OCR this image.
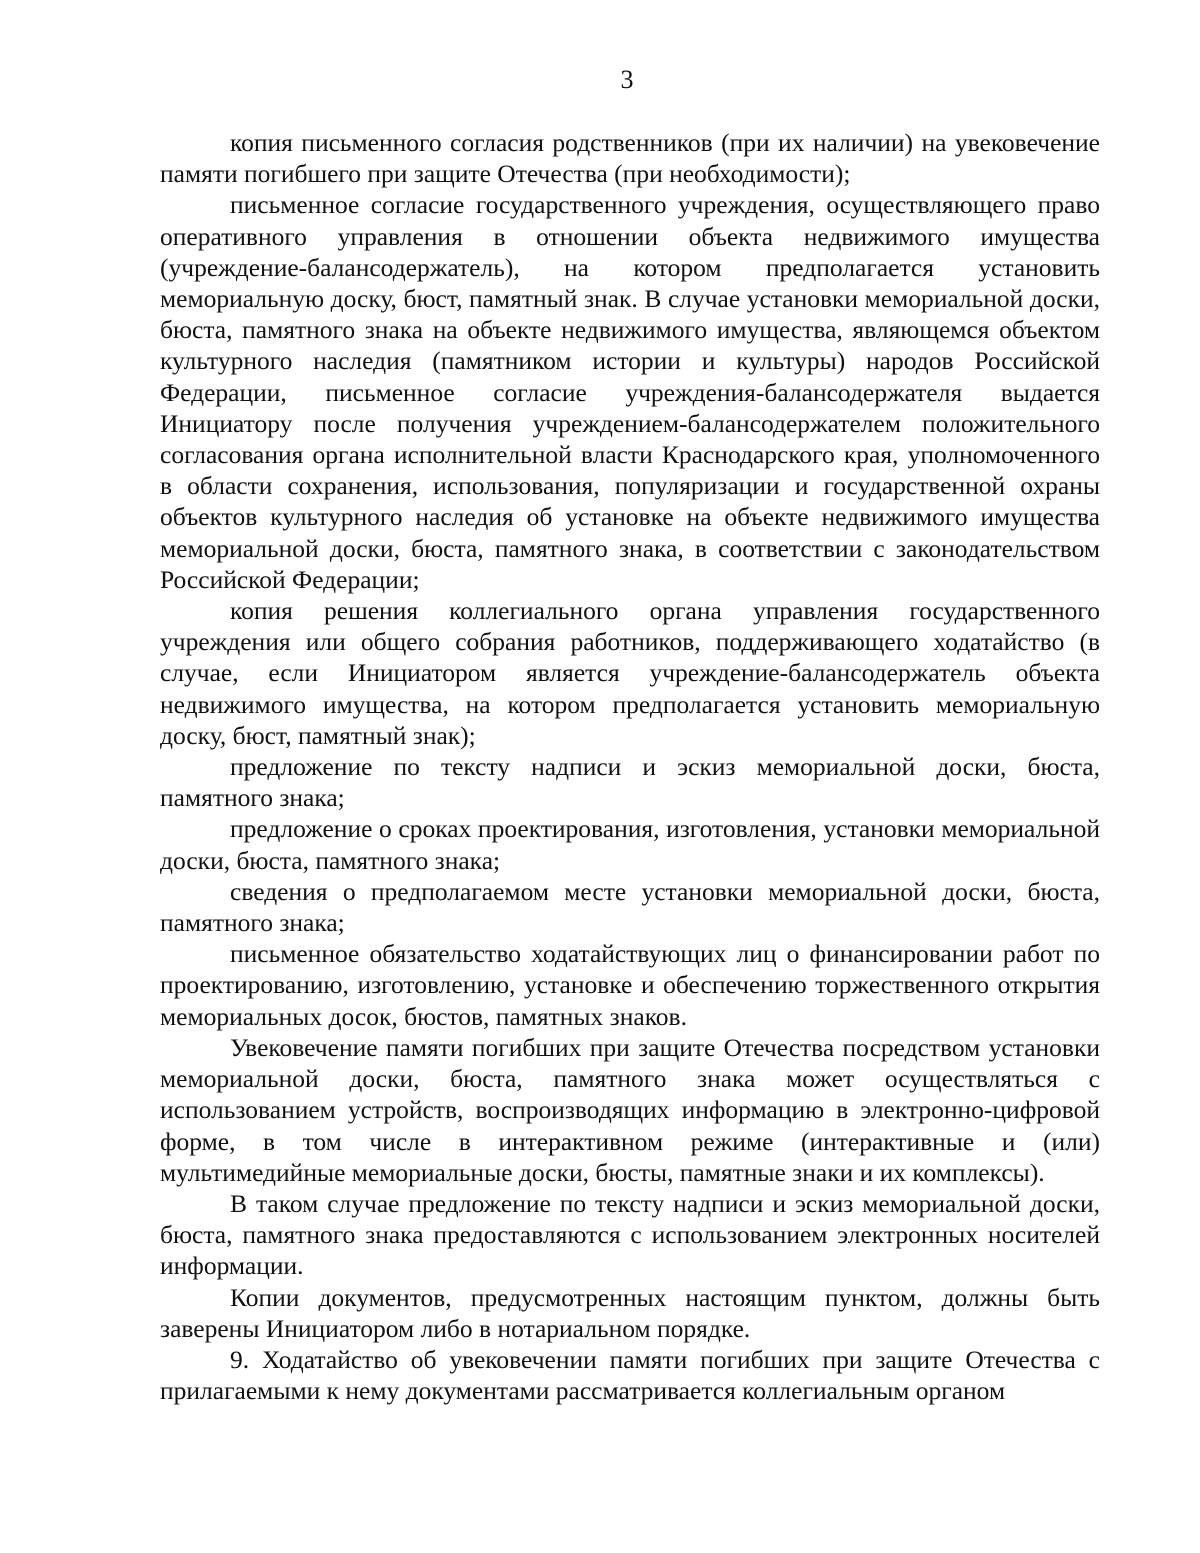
3

копия письменного согласия родственников (при их наличии) на увековечение памяти погибшего при защите Отечества (при необходимости);

письменное согласие государственного учреждения, осуществляющего право оперативного управления в отношении объекта недвижимого имущества (учреждение-балансодержатель), на котором предполагается установить мемориальную доску, бюст, памятный знак. В случае установки мемориальной доски, бюста, памятного знака на объекте недвижимого имущества, являющемся объектом культурного наследия (памятником истории и культуры) народов Российской Федерации, письменное согласие учреждения-балансодержателя выдается Инициатору после получения учреждением-балансодержателем положительного согласования органа исполнительной власти Краснодарского края, уполномоченного в области сохранения, использования, популяризации и государственной охраны объектов культурного наследия об установке на объекте недвижимого имущества мемориальной доски, бюста, памятного знака, в соответствии с законодательством Российской Федерации;

копия решения коллегиального органа управления государственного учреждения или общего собрания работников, поддерживающего ходатайство (в случае, если Инициатором является учреждение-балансодержатель объекта недвижимого имущества, на котором предполагается установить мемориальную доску, бюст, памятный знак);

предложение по тексту надписи и эскиз мемориальной доски, бюста, памятного знака;

предложение о сроках проектирования, изготовления, установки мемориальной доски, бюста, памятного знака;

сведения о предполагаемом месте установки мемориальной доски, бюста, памятного знака;

письменное обязательство ходатайствующих лиц о финансировании работ по проектированию, изготовлению, установке и обеспечению торжественного открытия мемориальных досок, бюстов, памятных знаков.

Увековечение памяти погибших при защите Отечества посредством установки мемориальной доски, бюста, памятного знака может осуществляться с использованием устройств, воспроизводящих информацию в электронно-цифровой форме, в том числе в интерактивном режиме (интерактивные и (или) мультимедийные мемориальные доски, бюсты, памятные знаки и их комплексы).

В таком случае предложение по тексту надписи и эскиз мемориальной доски, бюста, памятного знака предоставляются с использованием электронных носителей информации.

Копии документов, предусмотренных настоящим пунктом, должны быть заверены Инициатором либо в нотариальном порядке.

9. Ходатайство об увековечении памяти погибших при защите Отечества с прилагаемыми к нему документами рассматривается коллегиальным органом
